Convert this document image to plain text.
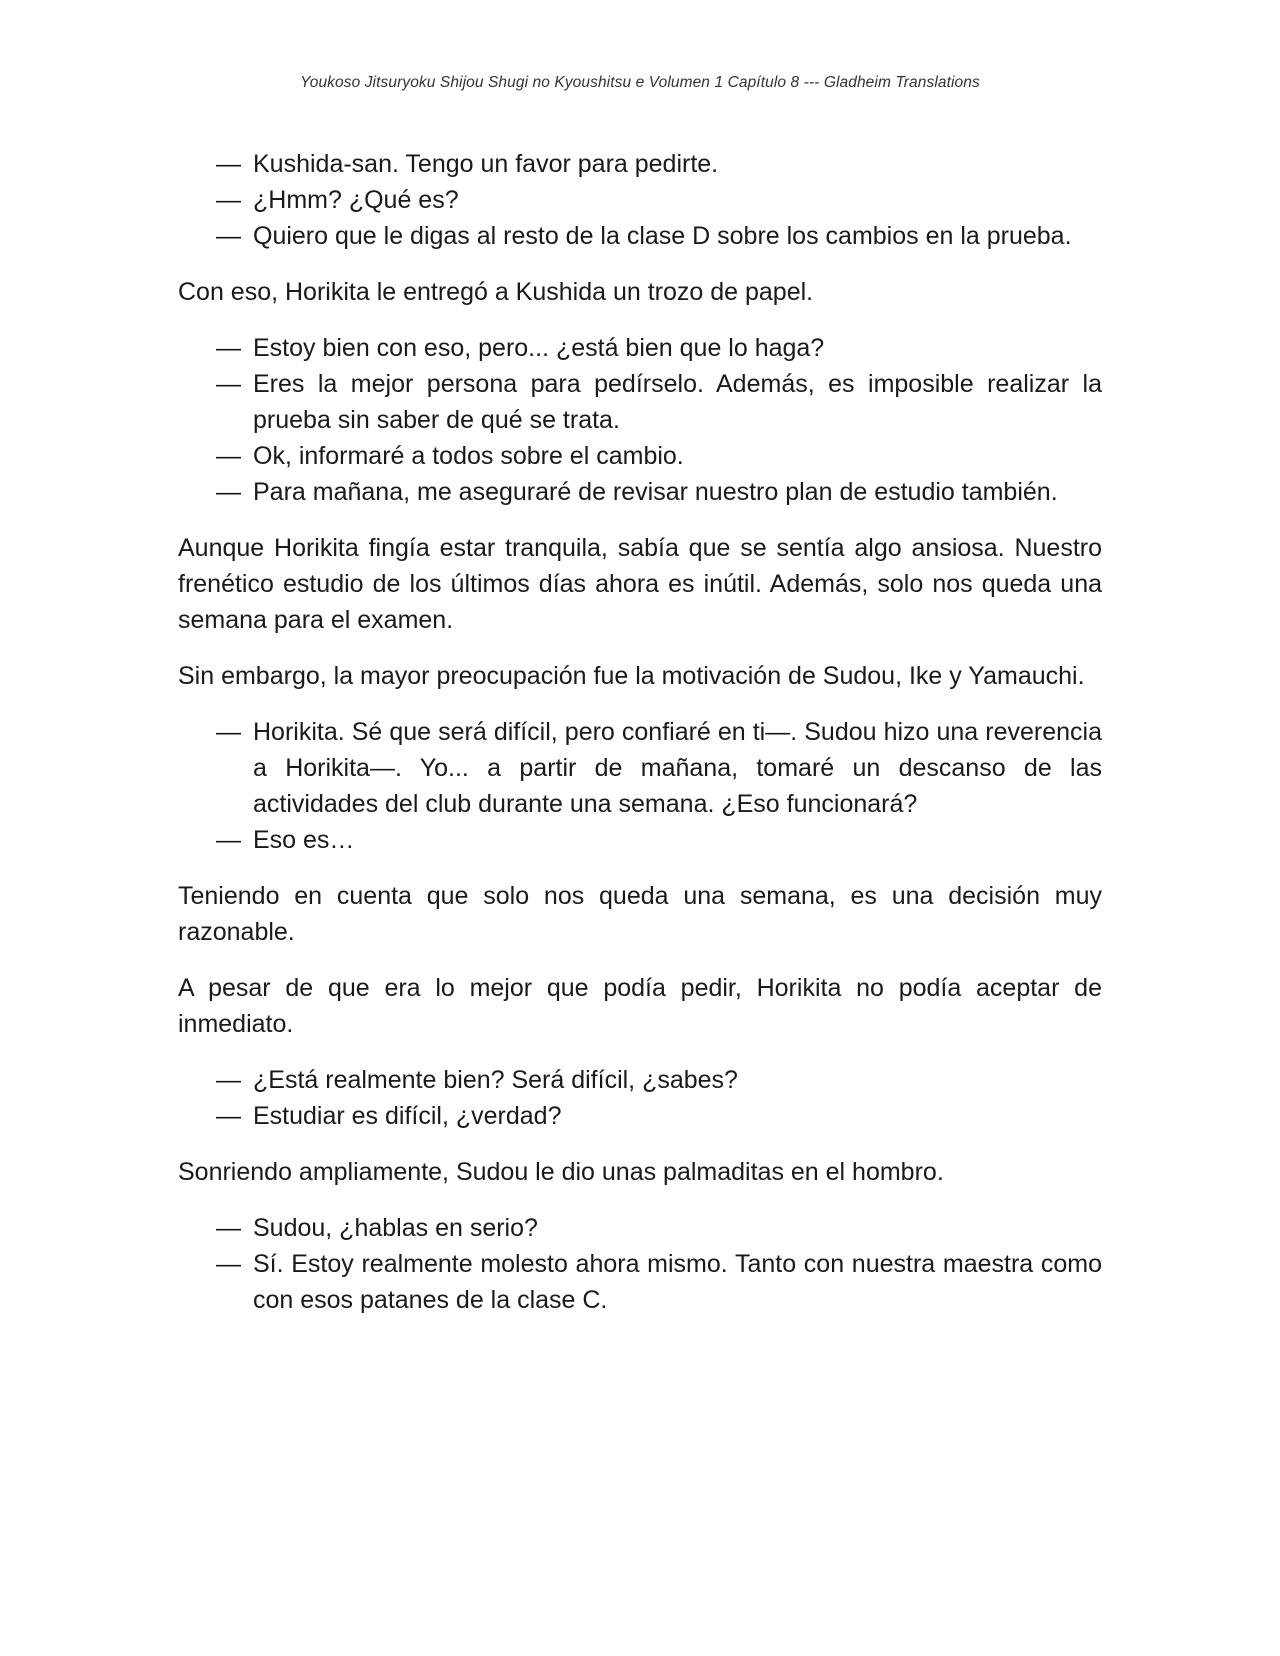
Youkoso Jitsuryoku Shijou Shugi no Kyoushitsu e Volumen 1 Capítulo 8 --- Gladheim Translations
— Kushida-san. Tengo un favor para pedirte.
— ¿Hmm? ¿Qué es?
— Quiero que le digas al resto de la clase D sobre los cambios en la prueba.

Con eso, Horikita le entregó a Kushida un trozo de papel.

— Estoy bien con eso, pero... ¿está bien que lo haga?
— Eres la mejor persona para pedírselo. Además, es imposible realizar la prueba sin saber de qué se trata.
— Ok, informaré a todos sobre el cambio.
— Para mañana, me aseguraré de revisar nuestro plan de estudio también.

Aunque Horikita fingía estar tranquila, sabía que se sentía algo ansiosa. Nuestro frenético estudio de los últimos días ahora es inútil. Además, solo nos queda una semana para el examen.

Sin embargo, la mayor preocupación fue la motivación de Sudou, Ike y Yamauchi.

— Horikita. Sé que será difícil, pero confiaré en ti—. Sudou hizo una reverencia a Horikita—. Yo... a partir de mañana, tomaré un descanso de las actividades del club durante una semana. ¿Eso funcionará?
— Eso es…

Teniendo en cuenta que solo nos queda una semana, es una decisión muy razonable.

A pesar de que era lo mejor que podía pedir, Horikita no podía aceptar de inmediato.

— ¿Está realmente bien? Será difícil, ¿sabes?
— Estudiar es difícil, ¿verdad?

Sonriendo ampliamente, Sudou le dio unas palmaditas en el hombro.

— Sudou, ¿hablas en serio?
— Sí. Estoy realmente molesto ahora mismo. Tanto con nuestra maestra como con esos patanes de la clase C.
